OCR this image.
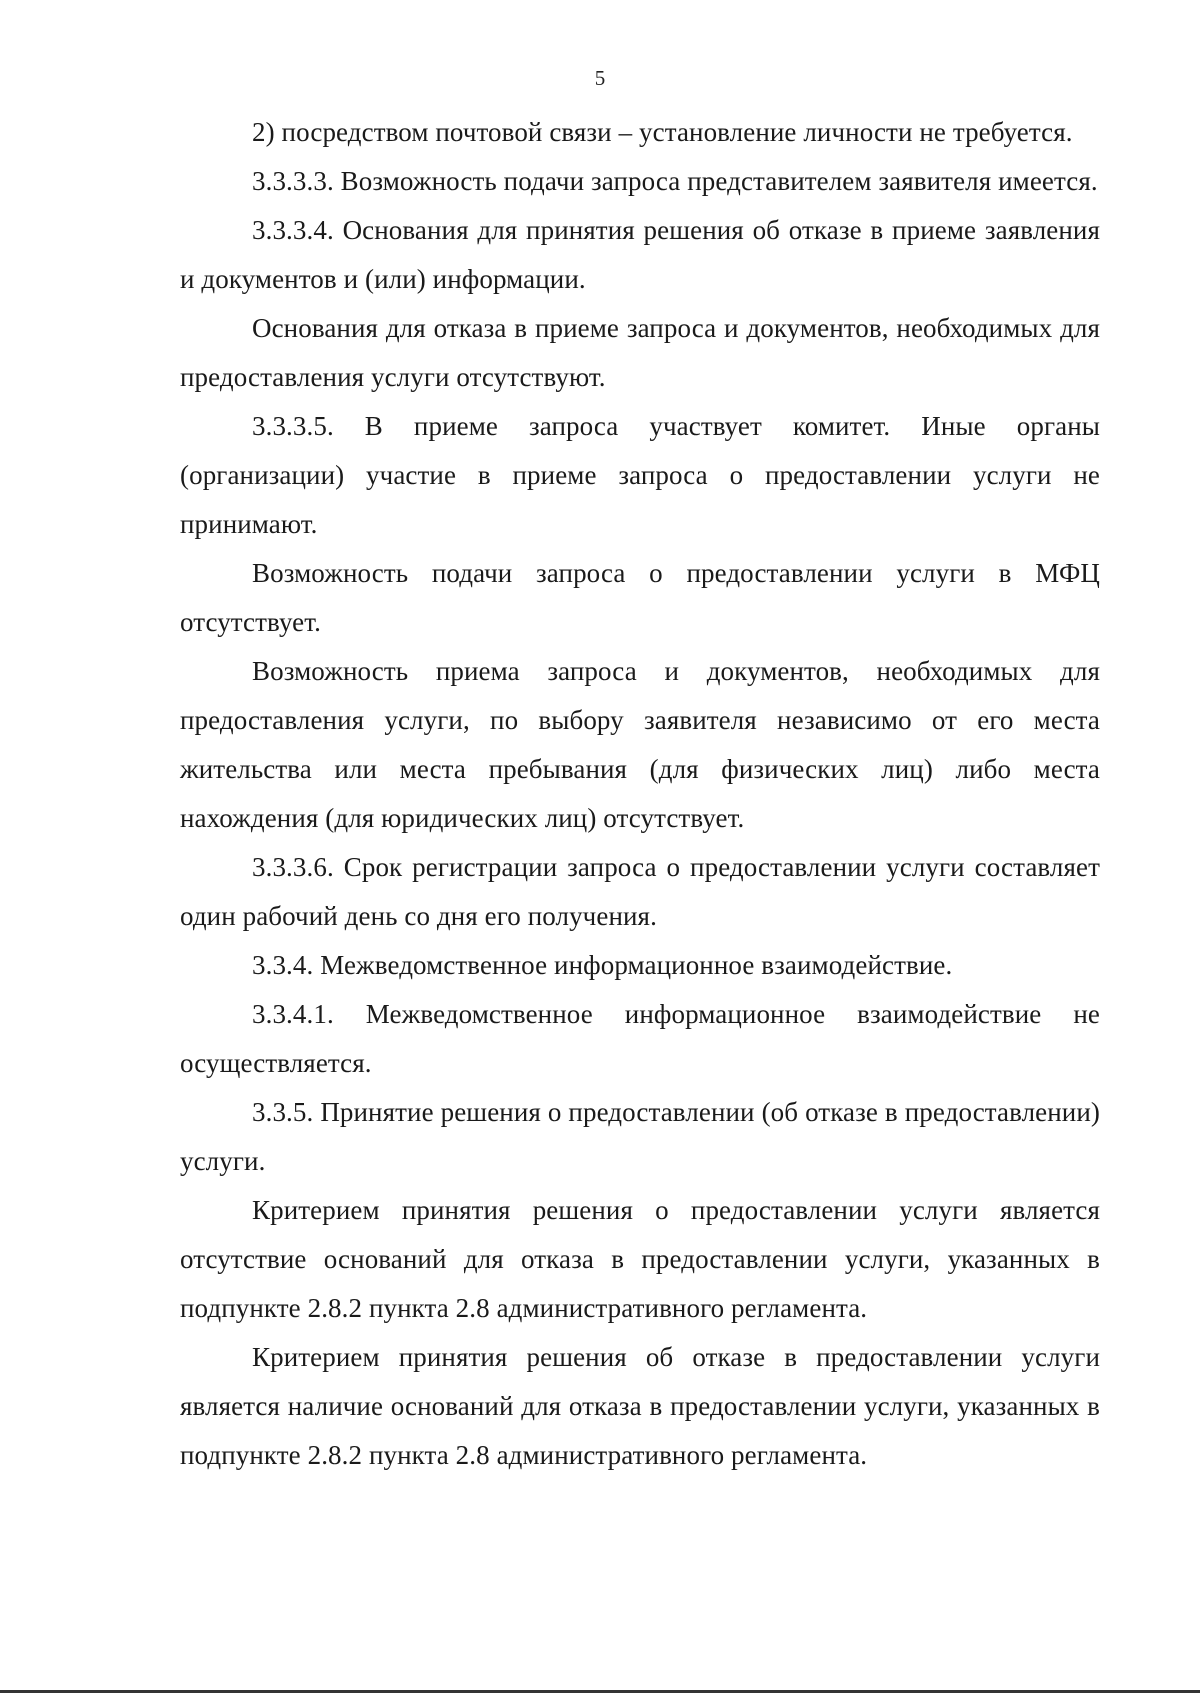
5

2) посредством почтовой связи – установление личности не требуется.

3.3.3.3. Возможность подачи запроса представителем заявителя имеется.

3.3.3.4. Основания для принятия решения об отказе в приеме заявления и документов и (или) информации.

Основания для отказа в приеме запроса и документов, необходимых для предоставления услуги отсутствуют.

3.3.3.5. В приеме запроса участвует комитет. Иные органы (организации) участие в приеме запроса о предоставлении услуги не принимают.

Возможность подачи запроса о предоставлении услуги в МФЦ отсутствует.

Возможность приема запроса и документов, необходимых для предоставления услуги, по выбору заявителя независимо от его места жительства или места пребывания (для физических лиц) либо места нахождения (для юридических лиц) отсутствует.

3.3.3.6. Срок регистрации запроса о предоставлении услуги составляет один рабочий день со дня его получения.

3.3.4. Межведомственное информационное взаимодействие.

3.3.4.1. Межведомственное информационное взаимодействие не осуществляется.

3.3.5. Принятие решения о предоставлении (об отказе в предоставлении) услуги.

Критерием принятия решения о предоставлении услуги является отсутствие оснований для отказа в предоставлении услуги, указанных в подпункте 2.8.2 пункта 2.8 административного регламента.

Критерием принятия решения об отказе в предоставлении услуги является наличие оснований для отказа в предоставлении услуги, указанных в подпункте 2.8.2 пункта 2.8 административного регламента.
